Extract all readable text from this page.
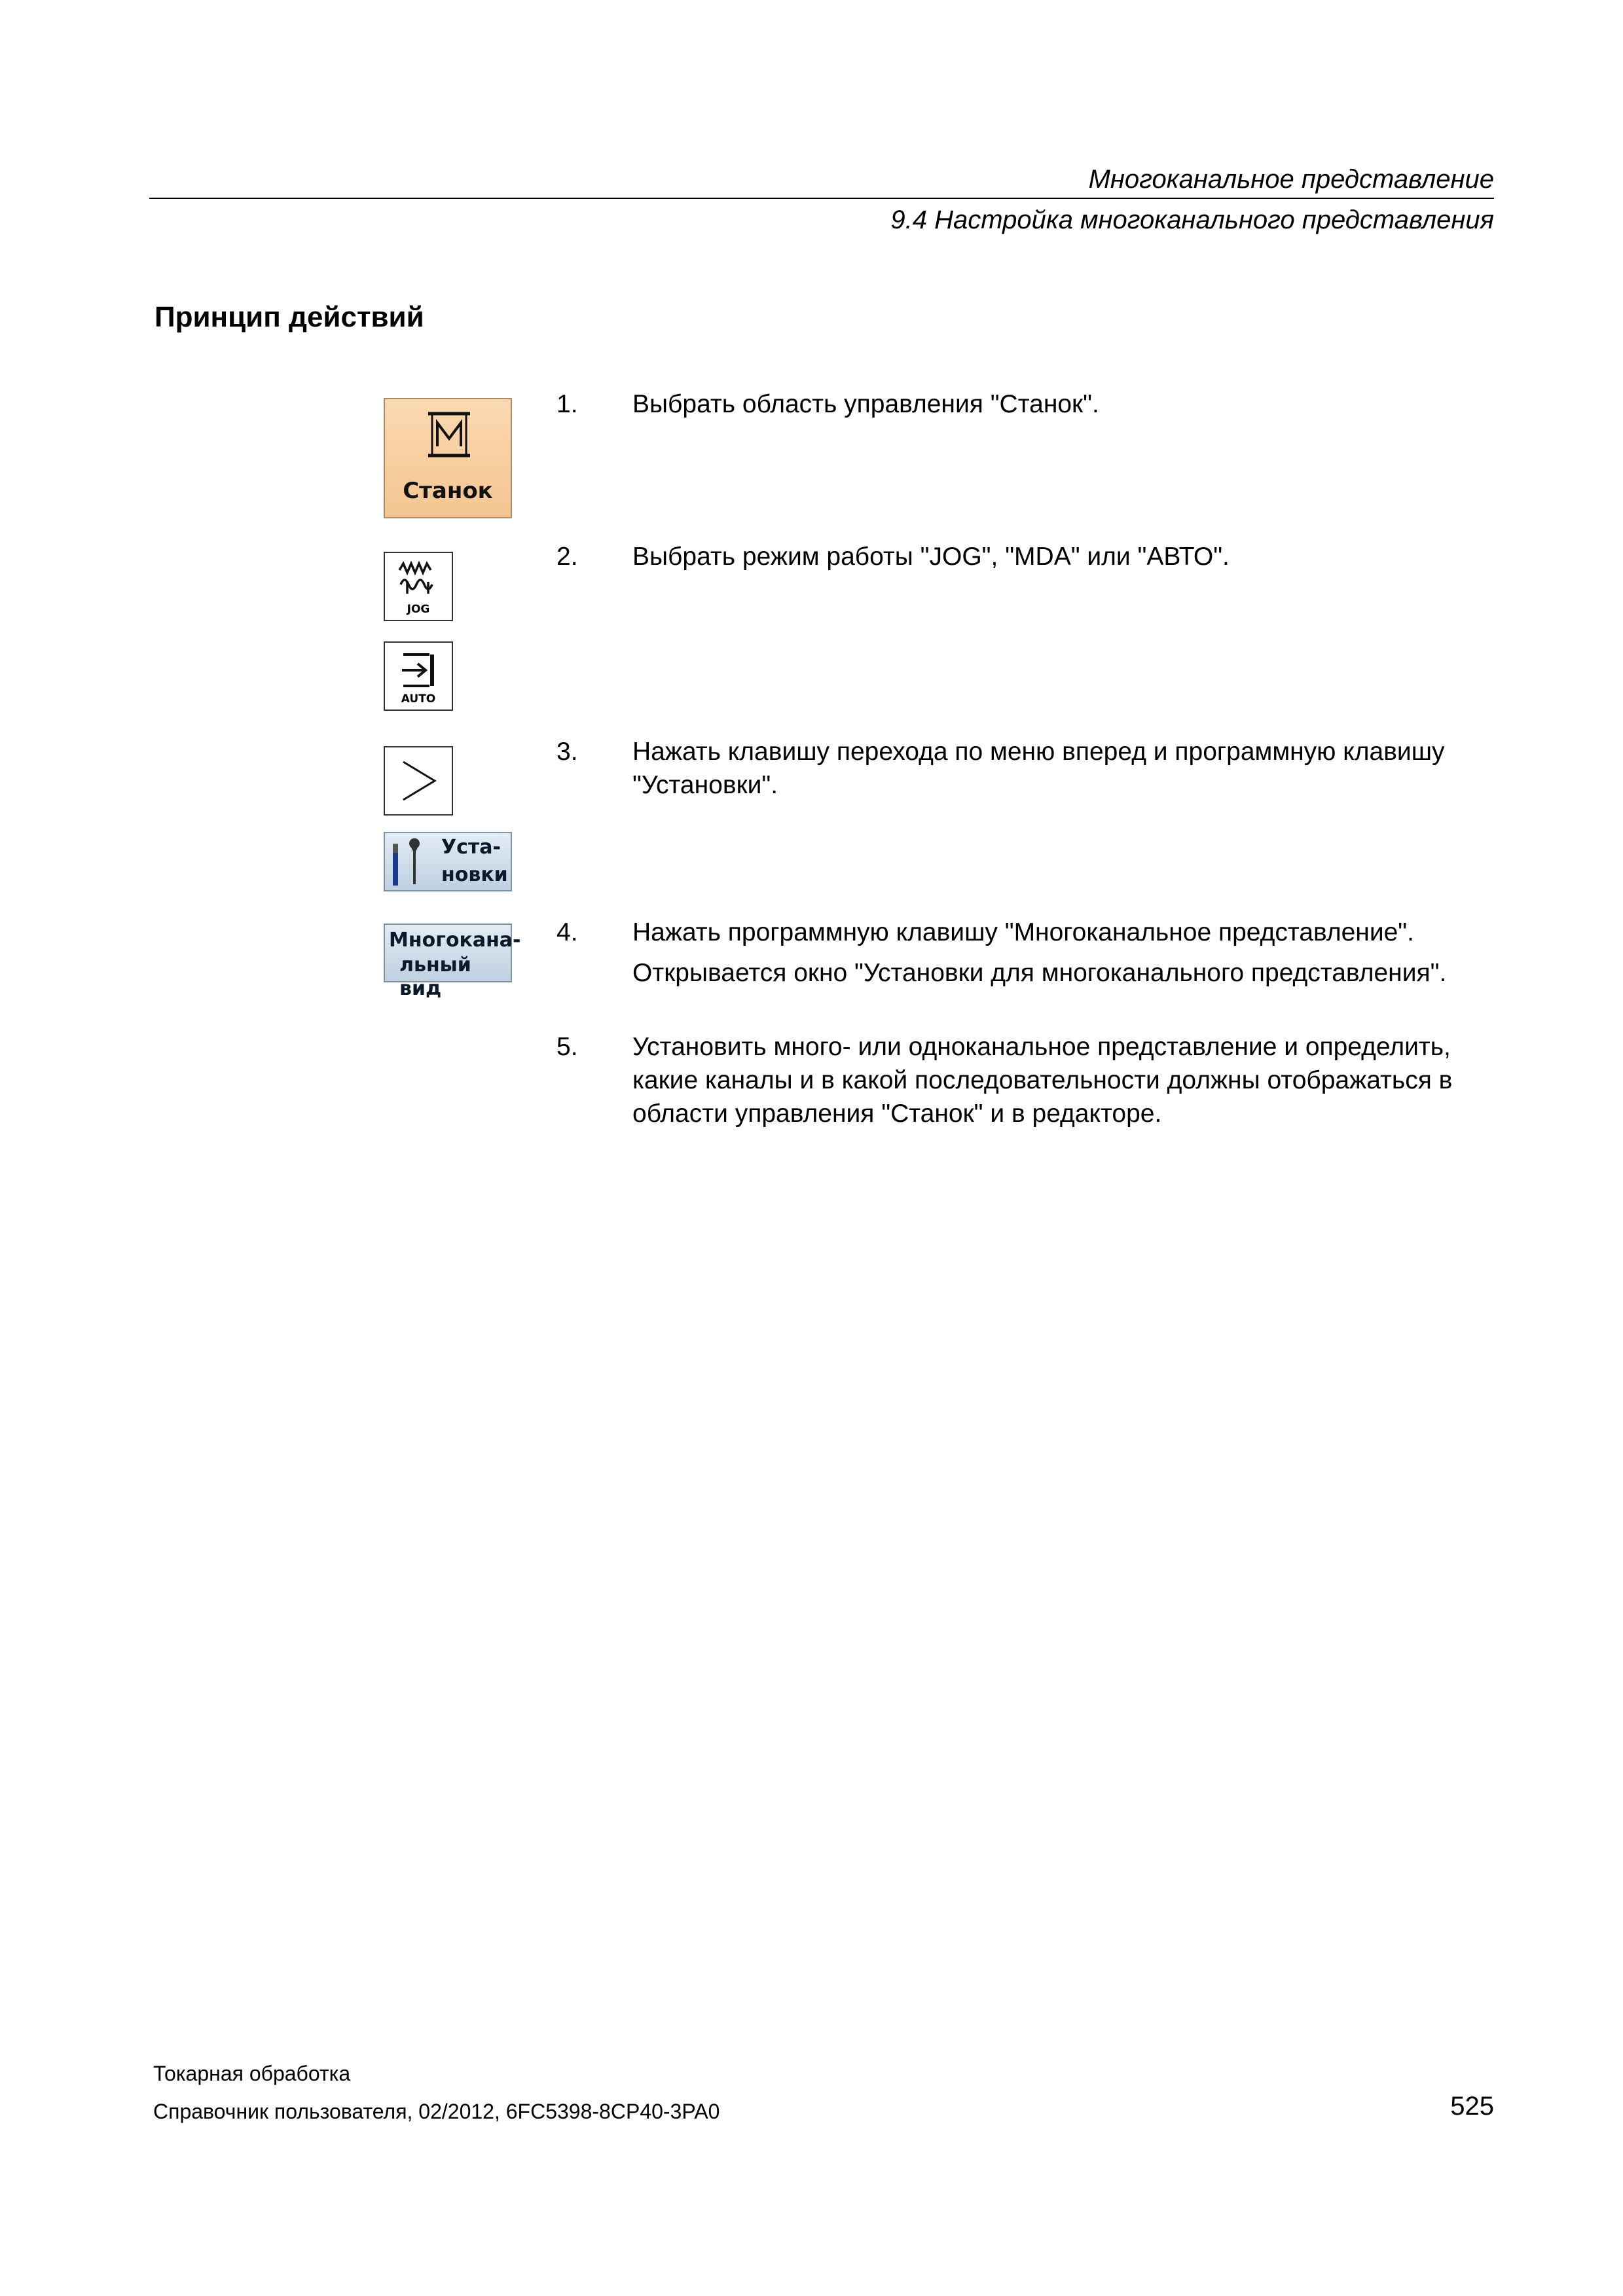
Многоканальное представление
9.4 Настройка многоканального представления
Принцип действий
Станок
JOG
AUTO
Уста-
новки
Многокана-
льный вид
1. Выбрать область управления "Станок".
2. Выбрать режим работы "JOG", "MDA" или "АВТО".
3. Нажать клавишу перехода по меню вперед и программную клавишу "Установки".
4. Нажать программную клавишу "Многоканальное представление".
Открывается окно "Установки для многоканального представления".
5. Установить много- или одноканальное представление и определить, какие каналы и в какой последовательности должны отображаться в области управления "Станок" и в редакторе.
Токарная обработка
Справочник пользователя, 02/2012, 6FC5398-8CP40-3PA0	525
